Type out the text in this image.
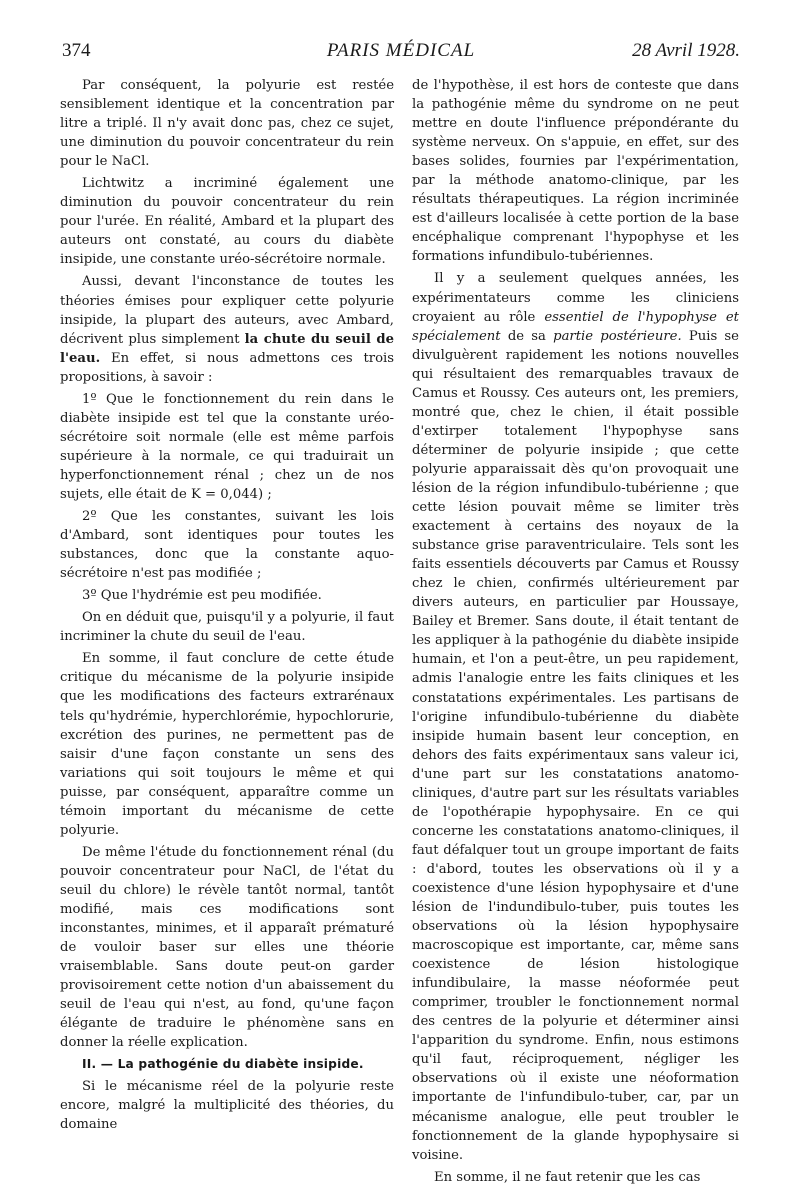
374	PARIS MÉDICAL	28 Avril 1928.

Par conséquent, la polyurie est restée sensiblement identique et la concentration par litre a triplé. Il n'y avait donc pas, chez ce sujet, une diminution du pouvoir concentrateur du rein pour le NaCl.

Lichtwitz a incriminé également une diminution du pouvoir concentrateur du rein pour l'urée. En réalité, Ambard et la plupart des auteurs ont constaté, au cours du diabète insipide, une constante uréo-sécrétoire normale.

Aussi, devant l'inconstance de toutes les théories émises pour expliquer cette polyurie insipide, la plupart des auteurs, avec Ambard, décrivent plus simplement la chute du seuil de l'eau. En effet, si nous admettons ces trois propositions, à savoir :

1º Que le fonctionnement du rein dans le diabète insipide est tel que la constante uréo-sécrétoire soit normale (elle est même parfois supérieure à la normale, ce qui traduirait un hyperfonctionnement rénal ; chez un de nos sujets, elle était de K = 0,044) ;

2º Que les constantes, suivant les lois d'Ambard, sont identiques pour toutes les substances, donc que la constante aquo-sécrétoire n'est pas modifiée ;

3º Que l'hydrémie est peu modifiée.

On en déduit que, puisqu'il y a polyurie, il faut incriminer la chute du seuil de l'eau.

En somme, il faut conclure de cette étude critique du mécanisme de la polyurie insipide que les modifications des facteurs extrarénaux tels qu'hydrémie, hyperchlorémie, hypochlorurie, excrétion des purines, ne permettent pas de saisir d'une façon constante un sens des variations qui soit toujours le même et qui puisse, par conséquent, apparaître comme un témoin important du mécanisme de cette polyurie.

De même l'étude du fonctionnement rénal (du pouvoir concentrateur pour NaCl, de l'état du seuil du chlore) le révèle tantôt normal, tantôt modifié, mais ces modifications sont inconstantes, minimes, et il apparaît prématuré de vouloir baser sur elles une théorie vraisemblable. Sans doute peut-on garder provisoirement cette notion d'un abaissement du seuil de l'eau qui n'est, au fond, qu'une façon élégante de traduire le phénomène sans en donner la réelle explication.

II. — La pathogénie du diabète insipide.

Si le mécanisme réel de la polyurie reste encore, malgré la multiplicité des théories, du domaine

de l'hypothèse, il est hors de conteste que dans la pathogénie même du syndrome on ne peut mettre en doute l'influence prépondérante du système nerveux. On s'appuie, en effet, sur des bases solides, fournies par l'expérimentation, par la méthode anatomo-clinique, par les résultats thérapeutiques. La région incriminée est d'ailleurs localisée à cette portion de la base encéphalique comprenant l'hypophyse et les formations infundibulo-tubériennes.

Il y a seulement quelques années, les expérimentateurs comme les cliniciens croyaient au rôle essentiel de l'hypophyse et spécialement de sa partie postérieure. Puis se divulguèrent rapidement les notions nouvelles qui résultaient des remarquables travaux de Camus et Roussy. Ces auteurs ont, les premiers, montré que, chez le chien, il était possible d'extirper totalement l'hypophyse sans déterminer de polyurie insipide ; que cette polyurie apparaissait dès qu'on provoquait une lésion de la région infundibulo-tubérienne ; que cette lésion pouvait même se limiter très exactement à certains des noyaux de la substance grise paraventriculaire. Tels sont les faits essentiels découverts par Camus et Roussy chez le chien, confirmés ultérieurement par divers auteurs, en particulier par Houssaye, Bailey et Bremer. Sans doute, il était tentant de les appliquer à la pathogénie du diabète insipide humain, et l'on a peut-être, un peu rapidement, admis l'analogie entre les faits cliniques et les constatations expérimentales. Les partisans de l'origine infundibulo-tubérienne du diabète insipide humain basent leur conception, en dehors des faits expérimentaux sans valeur ici, d'une part sur les constatations anatomo-cliniques, d'autre part sur les résultats variables de l'opothérapie hypophysaire. En ce qui concerne les constatations anatomo-cliniques, il faut défalquer tout un groupe important de faits : d'abord, toutes les observations où il y a coexistence d'une lésion hypophysaire et d'une lésion de l'indundibulo-tuber, puis toutes les observations où la lésion hypophysaire macroscopique est importante, car, même sans coexistence de lésion histologique infundibulaire, la masse néoformée peut comprimer, troubler le fonctionnement normal des centres de la polyurie et déterminer ainsi l'apparition du syndrome. Enfin, nous estimons qu'il faut, réciproquement, négliger les observations où il existe une néoformation importante de l'infundibulo-tuber, car, par un mécanisme analogue, elle peut troubler le fonctionnement de la glande hypophysaire si voisine.

En somme, il ne faut retenir que les cas
